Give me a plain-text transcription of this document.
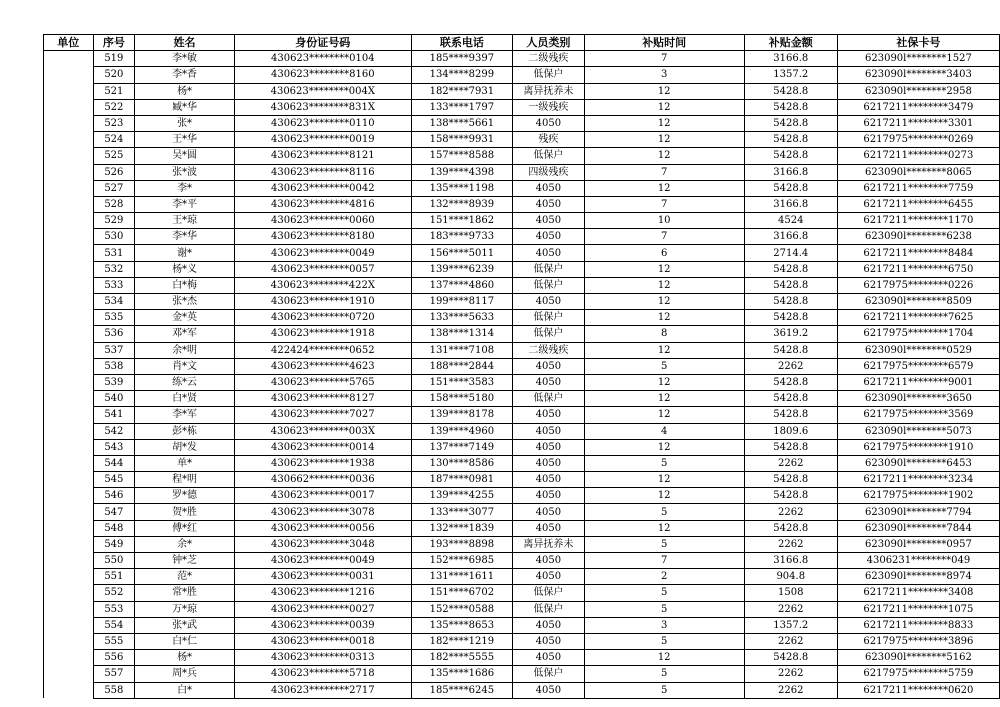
单位	序号	姓名	身份证号码	联系电话	人员类别	补贴时间	补贴金额	社保卡号
	519	李*敏	430623********0104	185****9397	二级残疾	7	3166.8	623090l********1527
	520	李*香	430623********8160	134****8299	低保户	3	1357.2	623090l********3403
	521	杨*	430623********004X	182****7931	离异抚养未	12	5428.8	623090l********2958
	522	臧*华	430623********831X	133****1797	一级残疾	12	5428.8	6217211********3479
	523	张*	430623********0110	138****5661	4050	12	5428.8	6217211********3301
	524	王*华	430623********0019	158****9931	残疾	12	5428.8	6217975********0269
	525	吴*圆	430623********8121	157****8588	低保户	12	5428.8	6217211********0273
	526	张*波	430623********8116	139****4398	四级残疾	7	3166.8	623090l********8065
	527	李*	430623********0042	135****1198	4050	12	5428.8	6217211********7759
	528	李*平	430623********4816	132****8939	4050	7	3166.8	6217211********6455
	529	王*琼	430623********0060	151****1862	4050	10	4524	6217211********1170
	530	李*华	430623********8180	183****9733	4050	7	3166.8	623090l********6238
	531	谢*	430623********0049	156****5011	4050	6	2714.4	6217211********8484
	532	杨*义	430623********0057	139****6239	低保户	12	5428.8	6217211********6750
	533	白*梅	430623********422X	137****4860	低保户	12	5428.8	6217975********0226
	534	张*杰	430623********1910	199****8117	4050	12	5428.8	623090l********8509
	535	金*英	430623********0720	133****5633	低保户	12	5428.8	6217211********7625
	536	邓*军	430623********1918	138****1314	低保户	8	3619.2	6217975********1704
	537	余*明	422424********0652	131****7108	二级残疾	12	5428.8	623090l********0529
	538	肖*文	430623********4623	188****2844	4050	5	2262	6217975********6579
	539	练*云	430623********5765	151****3583	4050	12	5428.8	6217211********9001
	540	白*贤	430623********8127	158****5180	低保户	12	5428.8	623090l********3650
	541	李*军	430623********7027	139****8178	4050	12	5428.8	6217975********3569
	542	彭*栋	430623********003X	139****4960	4050	4	1809.6	623090l********5073
	543	胡*发	430623********0014	137****7149	4050	12	5428.8	6217975********1910
	544	单*	430623********1938	130****8586	4050	5	2262	623090l********6453
	545	程*明	430662********0036	187****0981	4050	12	5428.8	6217211********3234
	546	罗*德	430623********0017	139****4255	4050	12	5428.8	6217975********1902
	547	贺*胜	430623********3078	133****3077	4050	5	2262	623090l********7794
	548	傅*红	430623********0056	132****1839	4050	12	5428.8	623090l********7844
	549	余*	430623********3048	193****8898	离异抚养未	5	2262	623090l********0957
	550	钟*芝	430623********0049	152****6985	4050	7	3166.8	4306231********049
	551	范*	430623********0031	131****1611	4050	2	904.8	623090l********8974
	552	常*胜	430623********1216	151****6702	低保户	5	1508	6217211********3408
	553	万*琼	430623********0027	152****0588	低保户	5	2262	6217211********1075
	554	张*武	430623********0039	135****8653	4050	3	1357.2	6217211********8833
	555	白*仁	430623********0018	182****1219	4050	5	2262	6217975********3896
	556	杨*	430623********0313	182****5555	4050	12	5428.8	623090l********5162
	557	周*兵	430623********5718	135****1686	低保户	5	2262	6217975********5759
	558	白*	430623********2717	185****6245	4050	5	2262	6217211********0620
